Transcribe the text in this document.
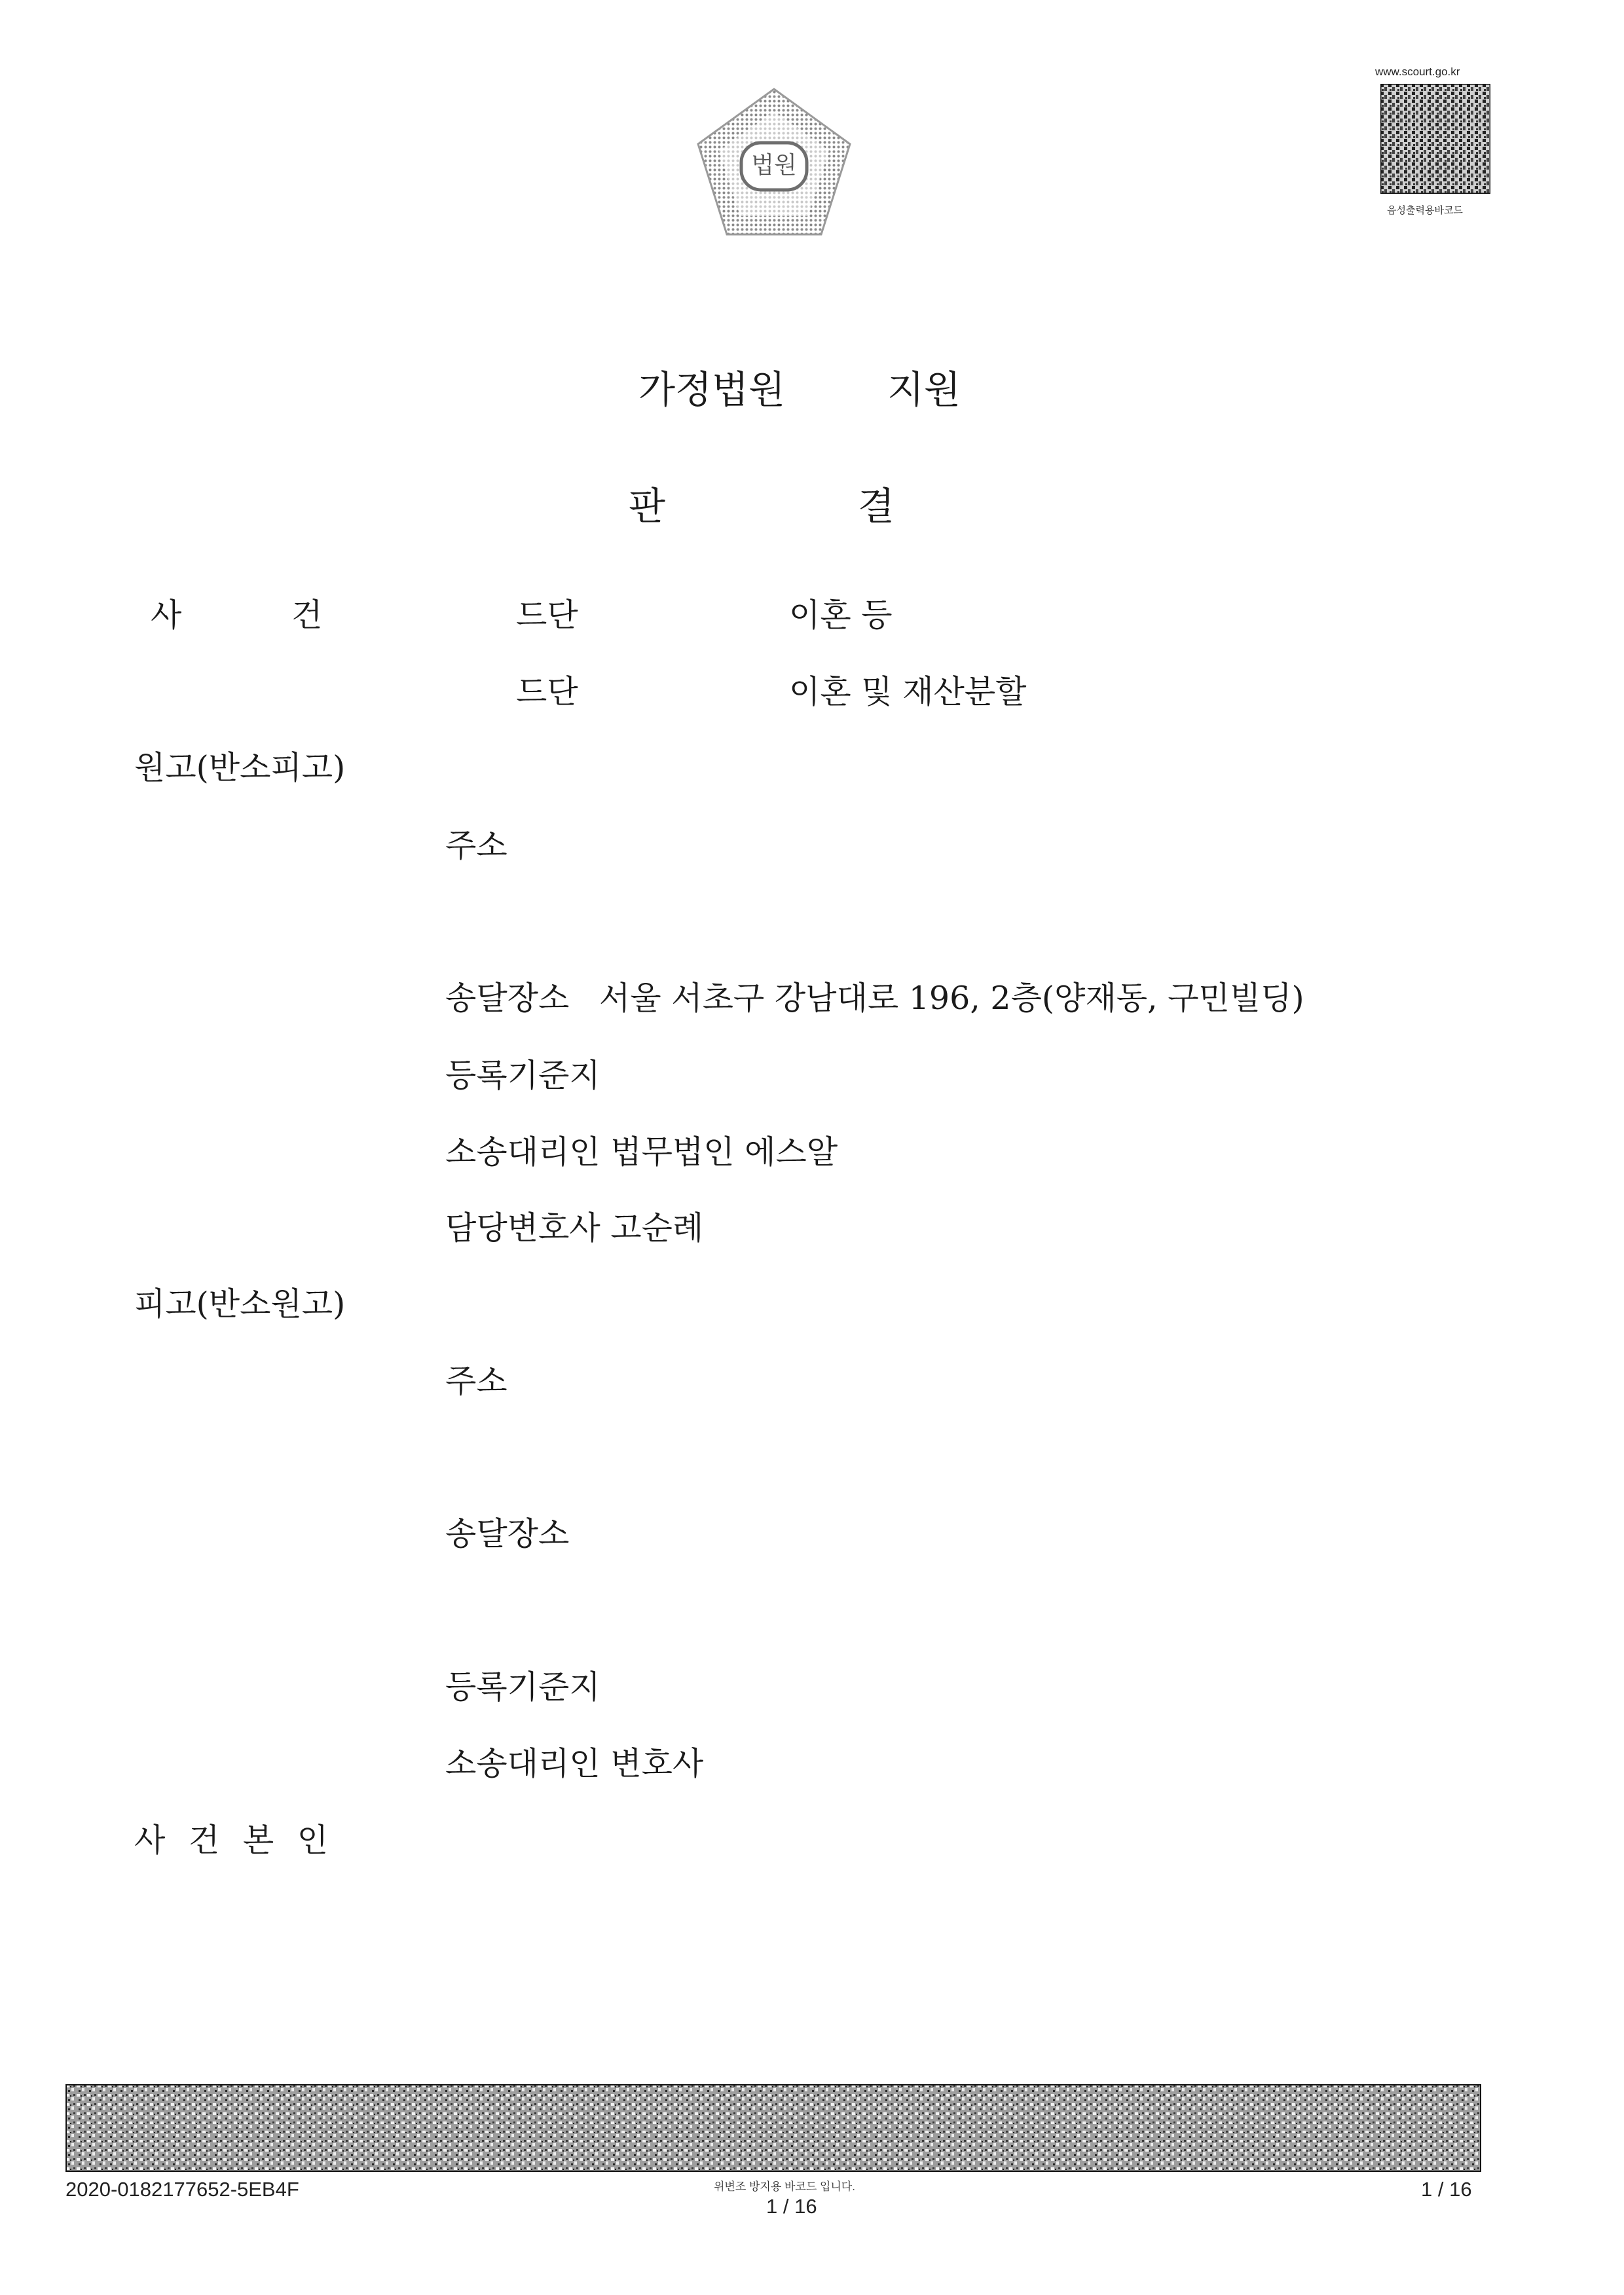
법원
www.scourt.go.kr
음성출력용바코드
가정법원	지원
판	결
사	건	드단	이혼 등
드단	이혼 및 재산분할
원고(반소피고)
주소
송달장소 서울 서초구 강남대로 196, 2층(양재동, 구민빌딩)
등록기준지
소송대리인 법무법인 에스알
담당변호사 고순례
피고(반소원고)
주소
송달장소
등록기준지
소송대리인 변호사
사 건 본 인
2020-0182177652-5EB4F	위변조 방지용 바코드 입니다.
1 / 16
1 / 16
